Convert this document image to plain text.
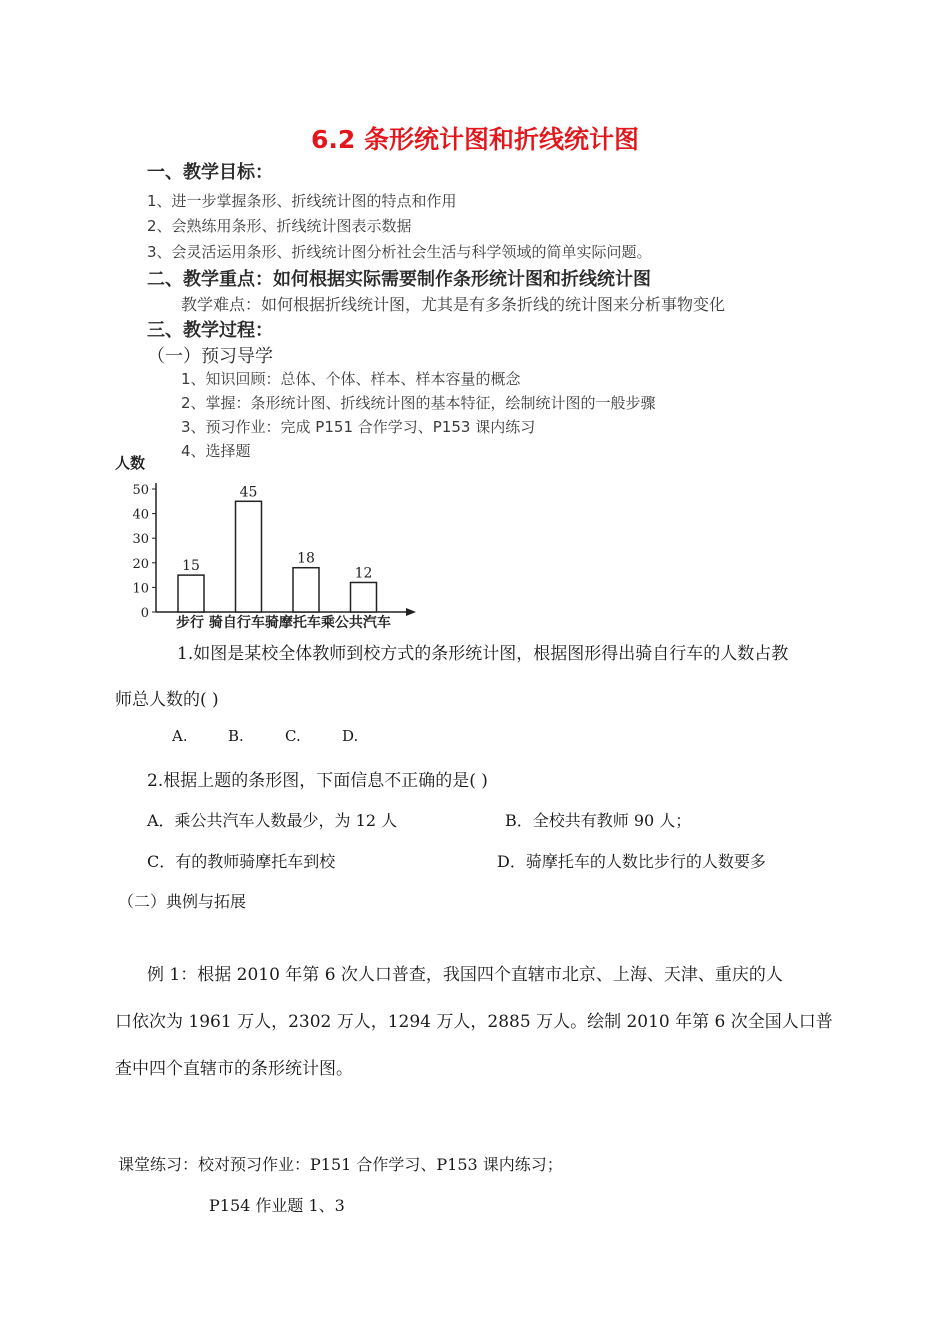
6.2 条形统计图和折线统计图
一、教学目标：
1、进一步掌握条形、折线统计图的特点和作用
2、会熟练用条形、折线统计图表示数据
3、会灵活运用条形、折线统计图分析社会生活与科学领域的简单实际问题。
二、教学重点：如何根据实际需要制作条形统计图和折线统计图
教学难点：如何根据折线统计图，尤其是有多条折线的统计图来分析事物变化
三、教学过程：
（一）预习导学
1、知识回顾：总体、个体、样本、样本容量的概念
2、掌握：条形统计图、折线统计图的基本特征，绘制统计图的一般步骤
3、预习作业：完成 P151 合作学习、P153 课内练习
4、选择题
人数
步行 骑自行车骑摩托车乘公共汽车
0
10
20
30
40
50
15
45
18
12
1.如图是某校全体教师到校方式的条形统计图，根据图形得出骑自行车的人数占教
师总人数的( )
A.	B.	C.	D.
2.根据上题的条形图，下面信息不正确的是( )
A．乘公共汽车人数最少，为 12 人	B．全校共有教师 90 人；
C．有的教师骑摩托车到校	D．骑摩托车的人数比步行的人数要多
（二）典例与拓展
例 1：根据 2010 年第 6 次人口普查，我国四个直辖市北京、上海、天津、重庆的人
口依次为 1961 万人，2302 万人，1294 万人，2885 万人。绘制 2010 年第 6 次全国人口普
查中四个直辖市的条形统计图。
课堂练习：校对预习作业：P151 合作学习、P153 课内练习；
P154 作业题 1、3
